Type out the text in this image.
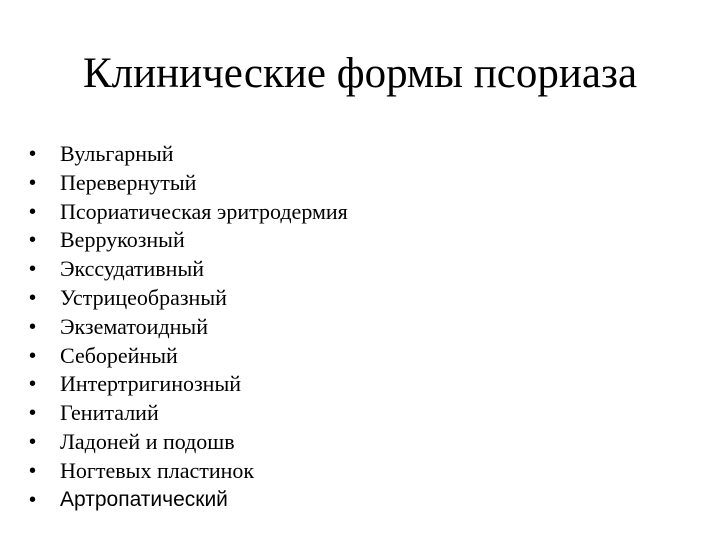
Клинические формы псориаза
•	Вульгарный
•	Перевернутый
•	Псориатическая эритродермия
•	Веррукозный
•	Экссудативный
•	Устрицеобразный
•	Экзематоидный
•	Себорейный
•	Интертригинозный
•	Гениталий
•	Ладоней и подошв
•	Ногтевых пластинок
•	Артропатический
